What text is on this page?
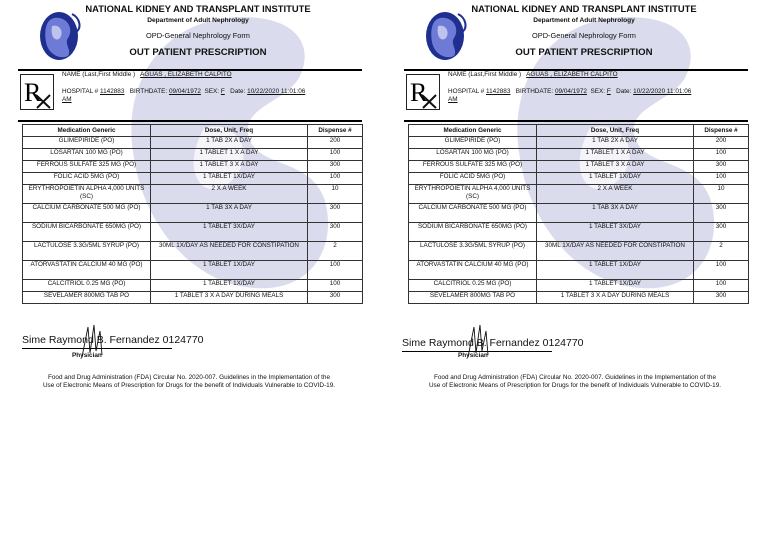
NATIONAL KIDNEY AND TRANSPLANT INSTITUTE
Department of Adult Nephrology
OPD-General Nephrology Form
OUT PATIENT PRESCRIPTION
R
NAME (Last,First Middle ) AGUAS , ELIZABETH CALPITO
HOSPITAL # 1142883 BIRTHDATE: 09/04/1972 SEX: F Date: 10/22/2020 11:01:06
AM
Medication Generic	Dose, Unit, Freq	Dispense #
GLIMEPIRIDE (PO)	1 TAB 2X A DAY	200
LOSARTAN 100 MG (PO)	1 TABLET 1 X A DAY	100
FERROUS SULFATE 325 MG (PO)	1 TABLET 3 X A DAY	300
FOLIC ACID 5MG (PO)	1 TABLET 1X/DAY	100
ERYTHROPOIETIN ALPHA 4,000 UNITS (SC)	2 X A WEEK	10
CALCIUM CARBONATE 500 MG (PO)	1 TAB 3X A DAY	300
SODIUM BICARBONATE 650MG (PO)	1 TABLET 3X/DAY	300
LACTULOSE 3.3G/5ML SYRUP (PO)	30ML 1X/DAY AS NEEDED FOR CONSTIPATION	2
ATORVASTATIN CALCIUM 40 MG (PO)	1 TABLET 1X/DAY	100
CALCITRIOL 0.25 MG (PO)	1 TABLET 1X/DAY	100
SEVELAMER 800MG TAB PO	1 TABLET 3 X A DAY DURING MEALS	300
Sime Raymond B. Fernandez 0124770
Physician
Food and Drug Administration (FDA) Circular No. 2020-007. Guidelines in the Implementation of the
Use of Electronic Means of Prescription for Drugs for the benefit of Individuals Vulnerable to COVID-19.
NATIONAL KIDNEY AND TRANSPLANT INSTITUTE
Department of Adult Nephrology
OPD-General Nephrology Form
OUT PATIENT PRESCRIPTION
R
NAME (Last,First Middle ) AGUAS , ELIZABETH CALPITO
HOSPITAL # 1142883 BIRTHDATE: 09/04/1972 SEX: F Date: 10/22/2020 11:01:06
AM
Medication Generic	Dose, Unit, Freq	Dispense #
GLIMEPIRIDE (PO)	1 TAB 2X A DAY	200
LOSARTAN 100 MG (PO)	1 TABLET 1 X A DAY	100
FERROUS SULFATE 325 MG (PO)	1 TABLET 3 X A DAY	300
FOLIC ACID 5MG (PO)	1 TABLET 1X/DAY	100
ERYTHROPOIETIN ALPHA 4,000 UNITS (SC)	2 X A WEEK	10
CALCIUM CARBONATE 500 MG (PO)	1 TAB 3X A DAY	300
SODIUM BICARBONATE 650MG (PO)	1 TABLET 3X/DAY	300
LACTULOSE 3.3G/5ML SYRUP (PO)	30ML 1X/DAY AS NEEDED FOR CONSTIPATION	2
ATORVASTATIN CALCIUM 40 MG (PO)	1 TABLET 1X/DAY	100
CALCITRIOL 0.25 MG (PO)	1 TABLET 1X/DAY	100
SEVELAMER 800MG TAB PO	1 TABLET 3 X A DAY DURING MEALS	300
Sime Raymond B. Fernandez 0124770
Physician
Food and Drug Administration (FDA) Circular No. 2020-007. Guidelines in the Implementation of the
Use of Electronic Means of Prescription for Drugs for the benefit of Individuals Vulnerable to COVID-19.
